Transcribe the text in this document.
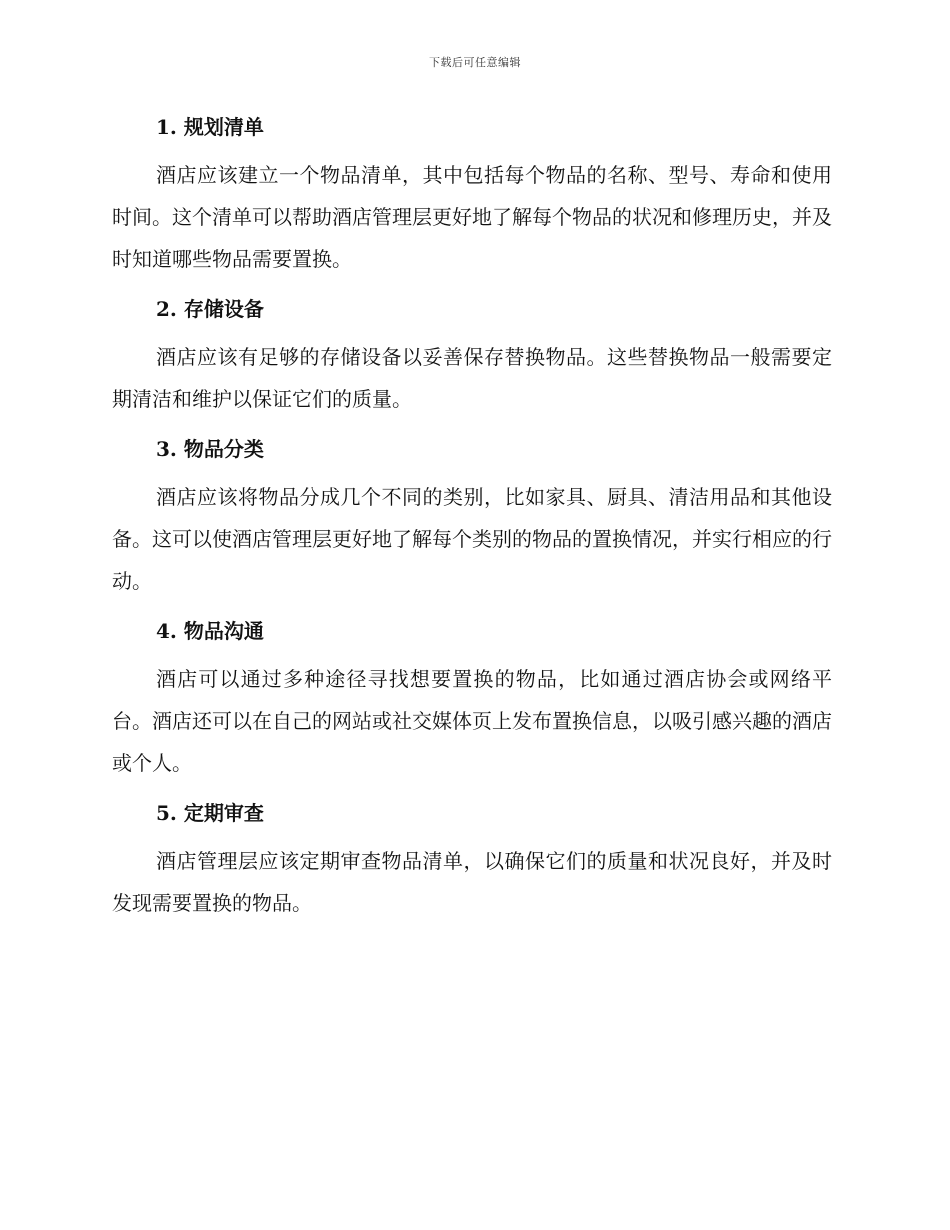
下载后可任意编辑
1. 规划清单

酒店应该建立一个物品清单，其中包括每个物品的名称、型号、寿命和使用时间。这个清单可以帮助酒店管理层更好地了解每个物品的状况和修理历史，并及时知道哪些物品需要置换。

2. 存储设备

酒店应该有足够的存储设备以妥善保存替换物品。这些替换物品一般需要定期清洁和维护以保证它们的质量。

3. 物品分类

酒店应该将物品分成几个不同的类别，比如家具、厨具、清洁用品和其他设备。这可以使酒店管理层更好地了解每个类别的物品的置换情况，并实行相应的行动。

4. 物品沟通

酒店可以通过多种途径寻找想要置换的物品，比如通过酒店协会或网络平台。酒店还可以在自己的网站或社交媒体页上发布置换信息，以吸引感兴趣的酒店或个人。

5. 定期审查

酒店管理层应该定期审查物品清单，以确保它们的质量和状况良好，并及时发现需要置换的物品。
